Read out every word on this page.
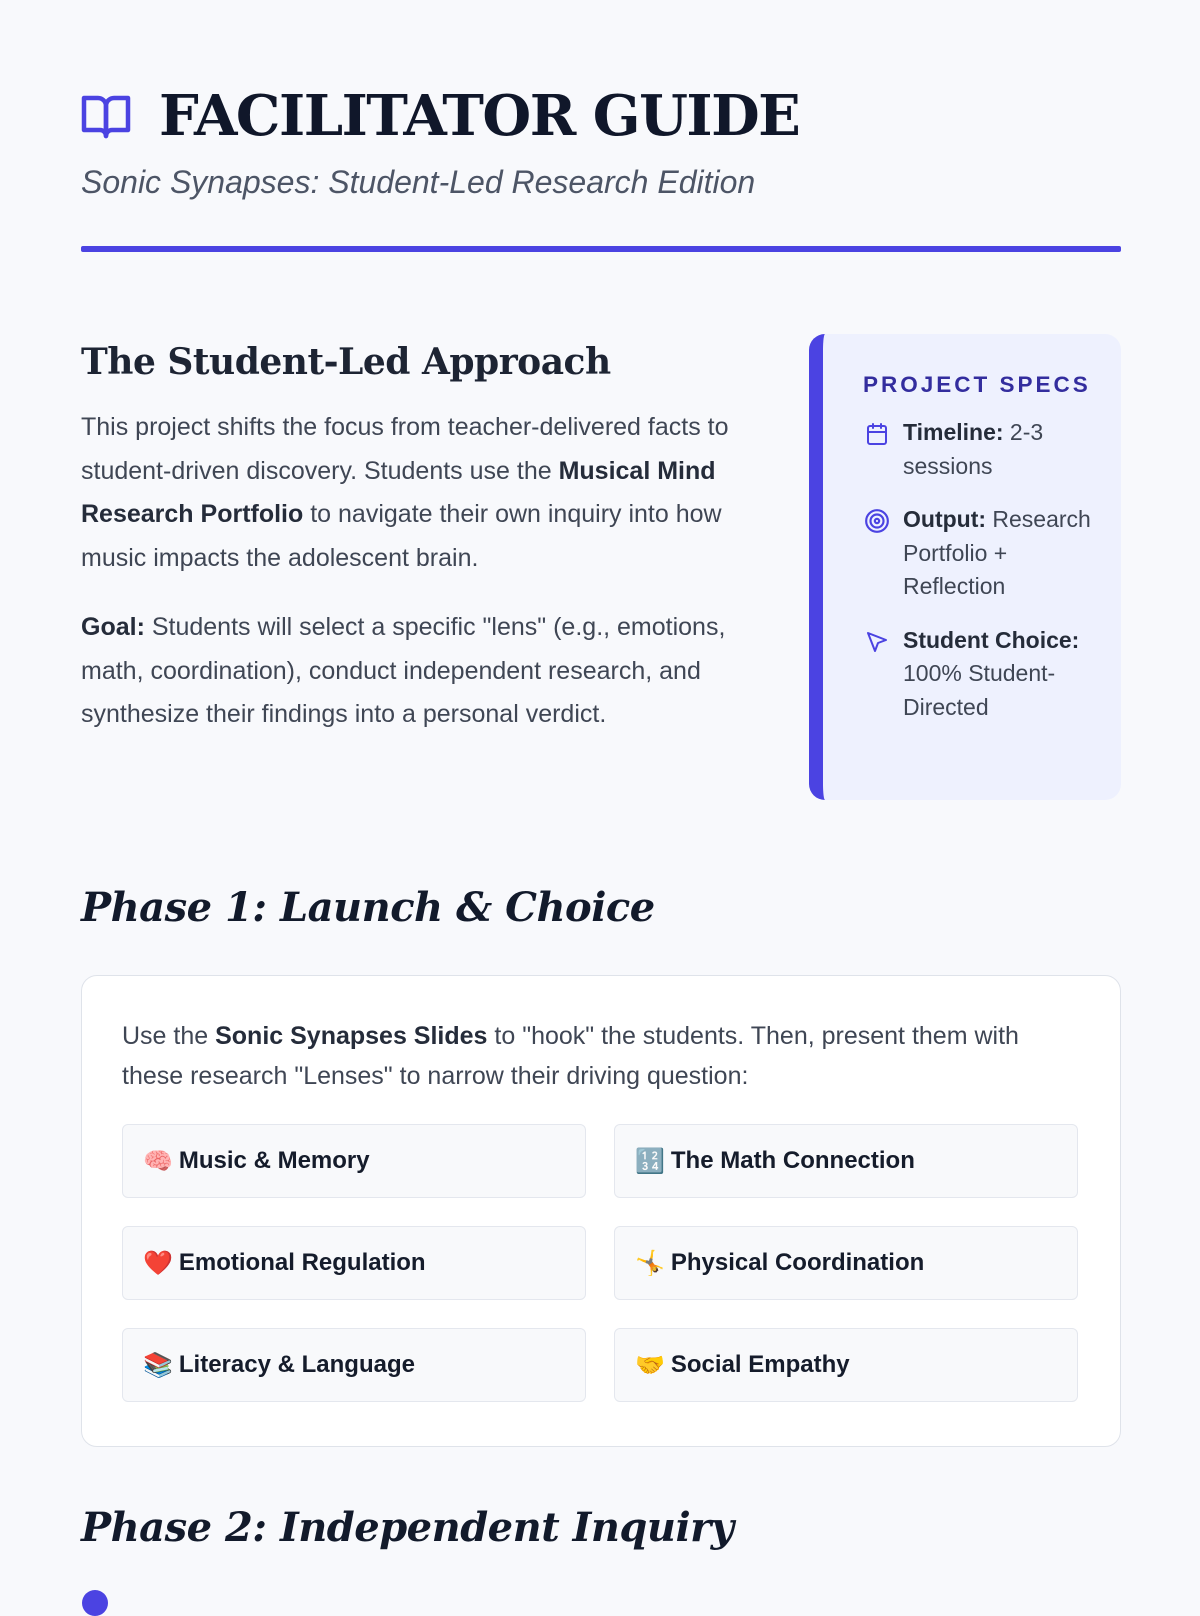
FACILITATOR GUIDE
Sonic Synapses: Student-Led Research Edition
The Student-Led Approach

This project shifts the focus from teacher-delivered facts to student-driven discovery. Students use the Musical Mind Research Portfolio to navigate their own inquiry into how music impacts the adolescent brain.

Goal: Students will select a specific "lens" (e.g., emotions, math, coordination), conduct independent research, and synthesize their findings into a personal verdict.

PROJECT SPECS
Timeline: 2-3 sessions
Output: Research Portfolio + Reflection
Student Choice: 100% Student-Directed
Phase 1: Launch & Choice

Use the Sonic Synapses Slides to "hook" the students. Then, present them with these research "Lenses" to narrow their driving question:

🧠 Music & Memory	🔢 The Math Connection
❤️ Emotional Regulation	🤸 Physical Coordination
📚 Literacy & Language	🤝 Social Empathy
Phase 2: Independent Inquiry
